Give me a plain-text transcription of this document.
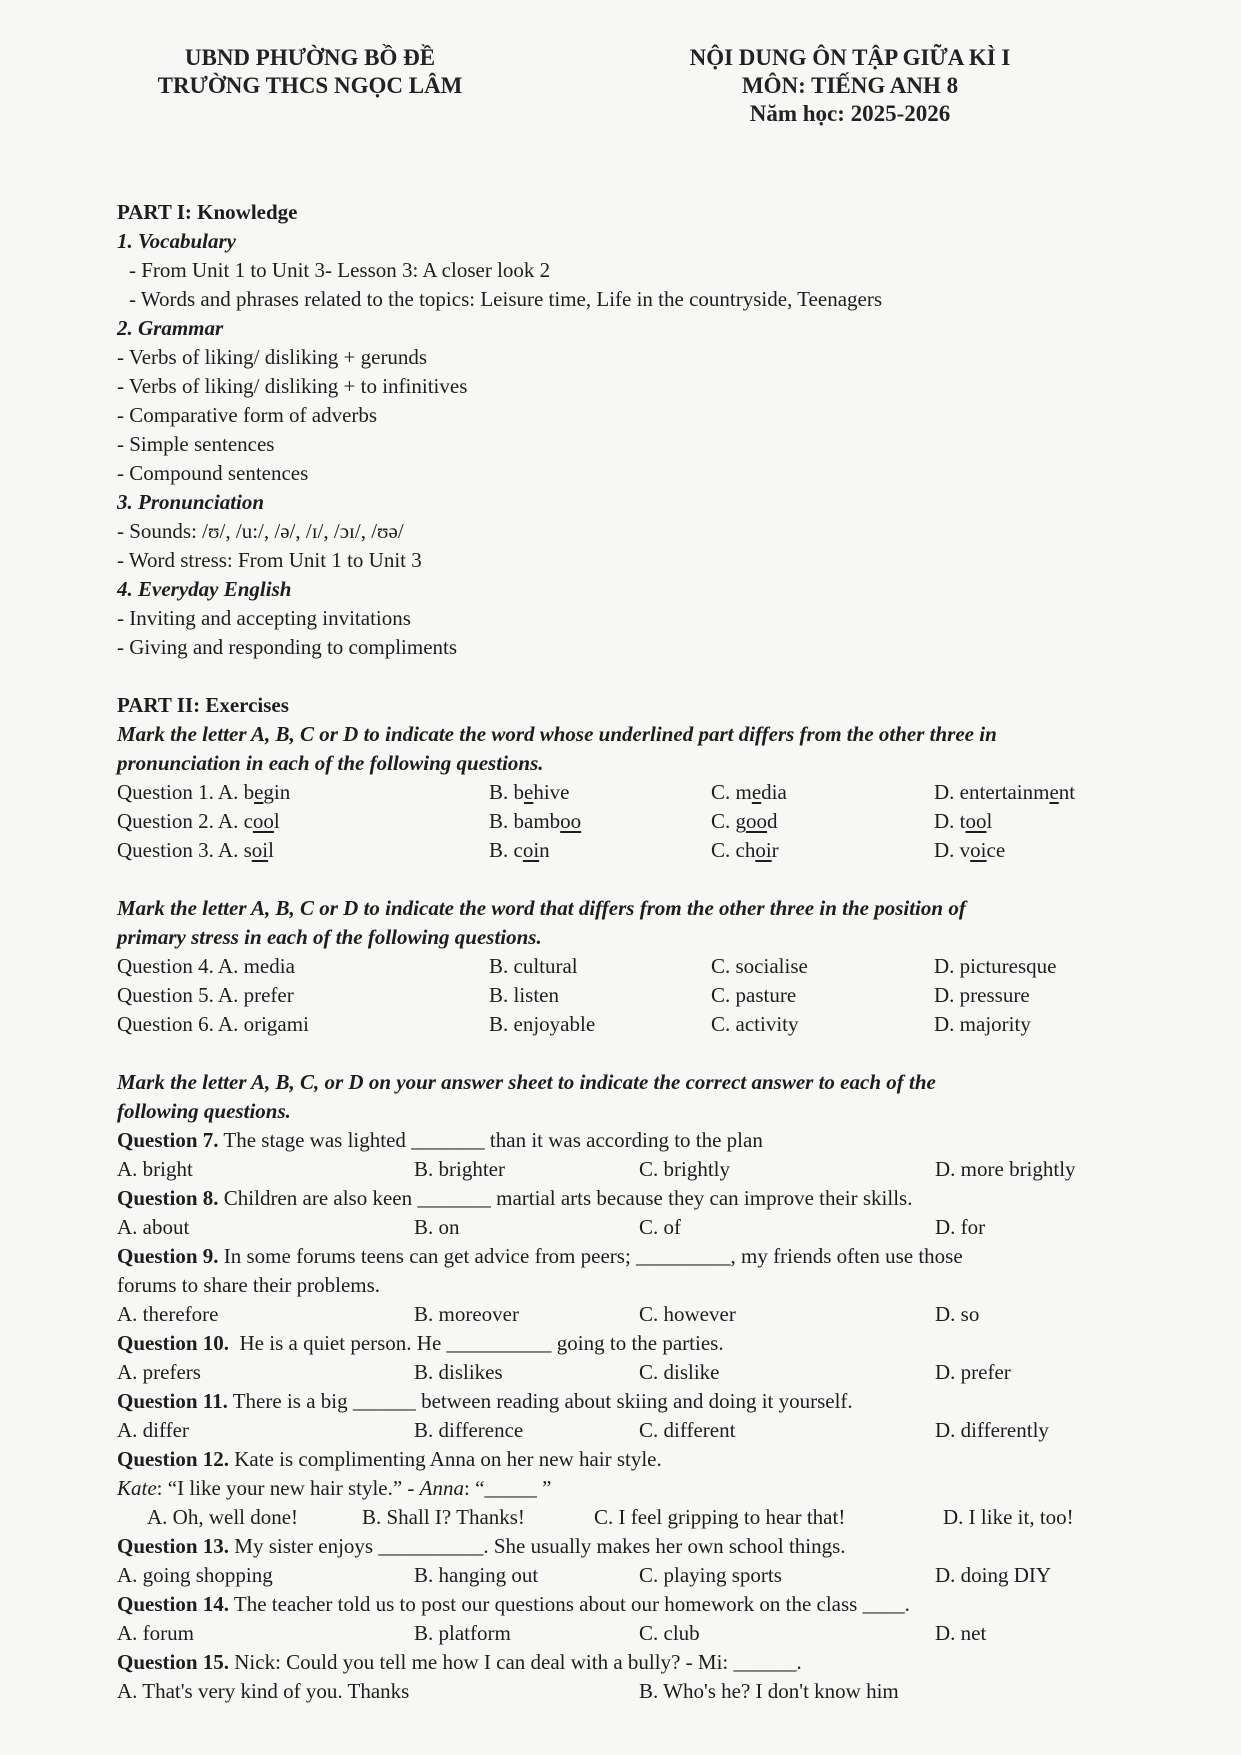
UBND PHƯỜNG BỒ ĐỀ
TRƯỜNG THCS NGỌC LÂM
NỘI DUNG ÔN TẬP GIỮA KÌ I
MÔN: TIẾNG ANH 8
Năm học: 2025-2026
PART I: Knowledge
1. Vocabulary
- From Unit 1 to Unit 3- Lesson 3: A closer look 2
- Words and phrases related to the topics: Leisure time, Life in the countryside, Teenagers
2. Grammar
- Verbs of liking/ disliking + gerunds
- Verbs of liking/ disliking + to infinitives
- Comparative form of adverbs
- Simple sentences
- Compound sentences
3. Pronunciation
- Sounds: /ʊ/, /u:/, /ə/, /ɪ/, /ɔɪ/, /ʊə/
- Word stress: From Unit 1 to Unit 3
4. Everyday English
- Inviting and accepting invitations
- Giving and responding to compliments
PART II: Exercises
Mark the letter A, B, C or D to indicate the word whose underlined part differs from the other three in
pronunciation in each of the following questions.
Question 1. A. begin	B. behive	C. media	D. entertainment
Question 2. A. cool	B. bamboo	C. good	D. tool
Question 3. A. soil	B. coin	C. choir	D. voice
Mark the letter A, B, C or D to indicate the word that differs from the other three in the position of
primary stress in each of the following questions.
Question 4. A. media	B. cultural	C. socialise	D. picturesque
Question 5. A. prefer	B. listen	C. pasture	D. pressure
Question 6. A. origami	B. enjoyable	C. activity	D. majority
Mark the letter A, B, C, or D on your answer sheet to indicate the correct answer to each of the
following questions.
Question 7. The stage was lighted _______ than it was according to the plan
A. bright	B. brighter	C. brightly	D. more brightly
Question 8. Children are also keen _______ martial arts because they can improve their skills.
A. about	B. on	C. of	D. for
Question 9. In some forums teens can get advice from peers; _________, my friends often use those
forums to share their problems.
A. therefore	B. moreover	C. however	D. so
Question 10.  He is a quiet person. He __________ going to the parties.
A. prefers	B. dislikes	C. dislike	D. prefer
Question 11. There is a big ______ between reading about skiing and doing it yourself.
A. differ	B. difference	C. different	D. differently
Question 12. Kate is complimenting Anna on her new hair style.
Kate: “I like your new hair style.” - Anna: “_____ ”
A. Oh, well done!	B. Shall I? Thanks!	C. I feel gripping to hear that!	D. I like it, too!
Question 13. My sister enjoys __________. She usually makes her own school things.
A. going shopping	B. hanging out	C. playing sports	D. doing DIY
Question 14. The teacher told us to post our questions about our homework on the class ____.
A. forum	B. platform	C. club	D. net
Question 15. Nick: Could you tell me how I can deal with a bully? - Mi: ______.
A. That's very kind of you. Thanks	B. Who's he? I don't know him
